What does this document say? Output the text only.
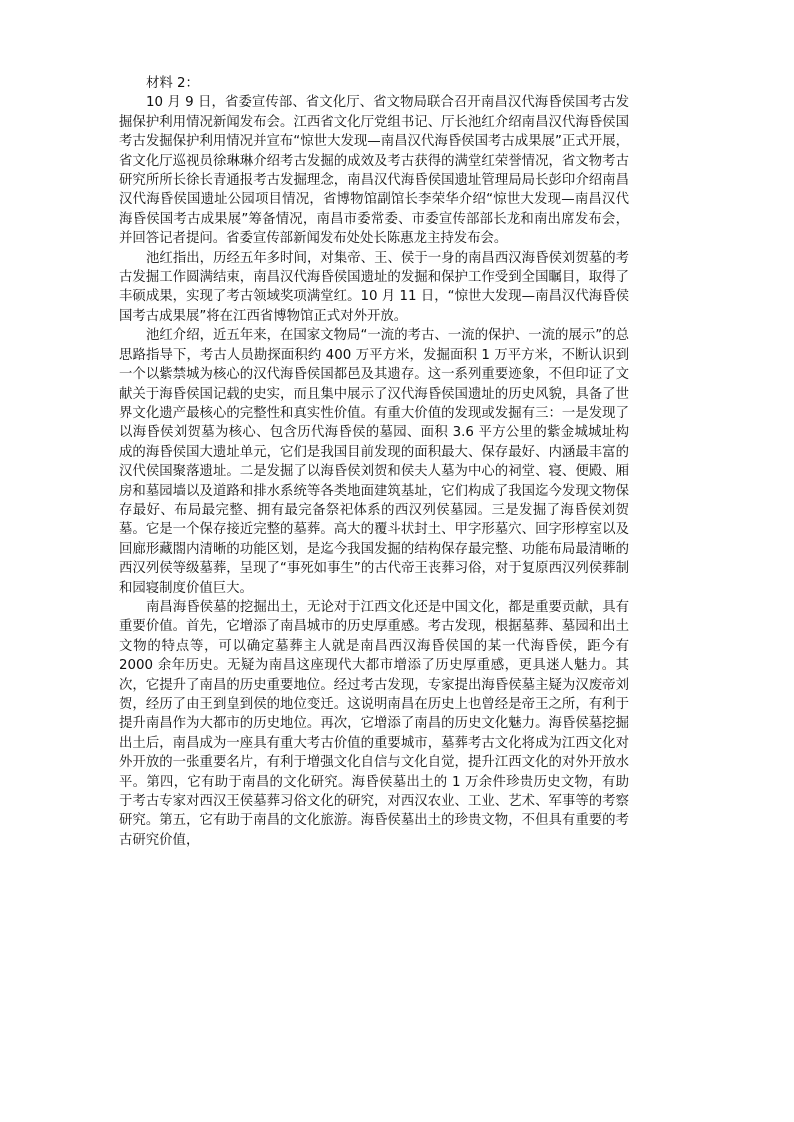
材料 2：

10 月 9 日，省委宣传部、省文化厅、省文物局联合召开南昌汉代海昏侯国考古发掘保护利用情况新闻发布会。江西省文化厅党组书记、厅长池红介绍南昌汉代海昏侯国考古发掘保护利用情况并宣布“惊世大发现—南昌汉代海昏侯国考古成果展”正式开展，省文化厅巡视员徐琳琳介绍考古发掘的成效及考古获得的满堂红荣誉情况，省文物考古研究所所长徐长青通报考古发掘理念，南昌汉代海昏侯国遗址管理局局长彭印介绍南昌汉代海昏侯国遗址公园项目情况，省博物馆副馆长李荣华介绍“惊世大发现—南昌汉代海昏侯国考古成果展”筹备情况，南昌市委常委、市委宣传部部长龙和南出席发布会，并回答记者提问。省委宣传部新闻发布处处长陈惠龙主持发布会。

池红指出，历经五年多时间，对集帝、王、侯于一身的南昌西汉海昏侯刘贺墓的考古发掘工作圆满结束，南昌汉代海昏侯国遗址的发掘和保护工作受到全国瞩目，取得了丰硕成果，实现了考古领域奖项满堂红。10 月 11 日，“惊世大发现—南昌汉代海昏侯国考古成果展”将在江西省博物馆正式对外开放。

池红介绍，近五年来，在国家文物局“一流的考古、一流的保护、一流的展示”的总思路指导下，考古人员勘探面积约 400 万平方米，发掘面积 1 万平方米，不断认识到一个以紫禁城为核心的汉代海昏侯国都邑及其遗存。这一系列重要迹象，不但印证了文献关于海昏侯国记载的史实，而且集中展示了汉代海昏侯国遗址的历史风貌，具备了世界文化遗产最核心的完整性和真实性价值。有重大价值的发现或发掘有三：一是发现了以海昏侯刘贺墓为核心、包含历代海昏侯的墓园、面积 3.6 平方公里的紫金城城址构成的海昏侯国大遗址单元，它们是我国目前发现的面积最大、保存最好、内涵最丰富的汉代侯国聚落遗址。二是发掘了以海昏侯刘贺和侯夫人墓为中心的祠堂、寝、便殿、厢房和墓园墙以及道路和排水系统等各类地面建筑基址，它们构成了我国迄今发现文物保存最好、布局最完整、拥有最完备祭祀体系的西汉列侯墓园。三是发掘了海昏侯刘贺墓。它是一个保存接近完整的墓葬。高大的覆斗状封土、甲字形墓穴、回字形椁室以及回廊形藏閤内清晰的功能区划，是迄今我国发掘的结构保存最完整、功能布局最清晰的西汉列侯等级墓葬，呈现了“事死如事生”的古代帝王丧葬习俗，对于复原西汉列侯葬制和园寝制度价值巨大。

南昌海昏侯墓的挖掘出土，无论对于江西文化还是中国文化，都是重要贡献，具有重要价值。首先，它增添了南昌城市的历史厚重感。考古发现，根据墓葬、墓园和出土文物的特点等，可以确定墓葬主人就是南昌西汉海昏侯国的某一代海昏侯，距今有 2000 余年历史。无疑为南昌这座现代大都市增添了历史厚重感，更具迷人魅力。其次，它提升了南昌的历史重要地位。经过考古发现，专家提出海昏侯墓主疑为汉废帝刘贺，经历了由王到皇到侯的地位变迁。这说明南昌在历史上也曾经是帝王之所，有利于提升南昌作为大都市的历史地位。再次，它增添了南昌的历史文化魅力。海昏侯墓挖掘出土后，南昌成为一座具有重大考古价值的重要城市，墓葬考古文化将成为江西文化对外开放的一张重要名片，有利于增强文化自信与文化自觉，提升江西文化的对外开放水平。第四，它有助于南昌的文化研究。海昏侯墓出土的 1 万余件珍贵历史文物，有助于考古专家对西汉王侯墓葬习俗文化的研究，对西汉农业、工业、艺术、军事等的考察研究。第五，它有助于南昌的文化旅游。海昏侯墓出土的珍贵文物，不但具有重要的考古研究价值，
